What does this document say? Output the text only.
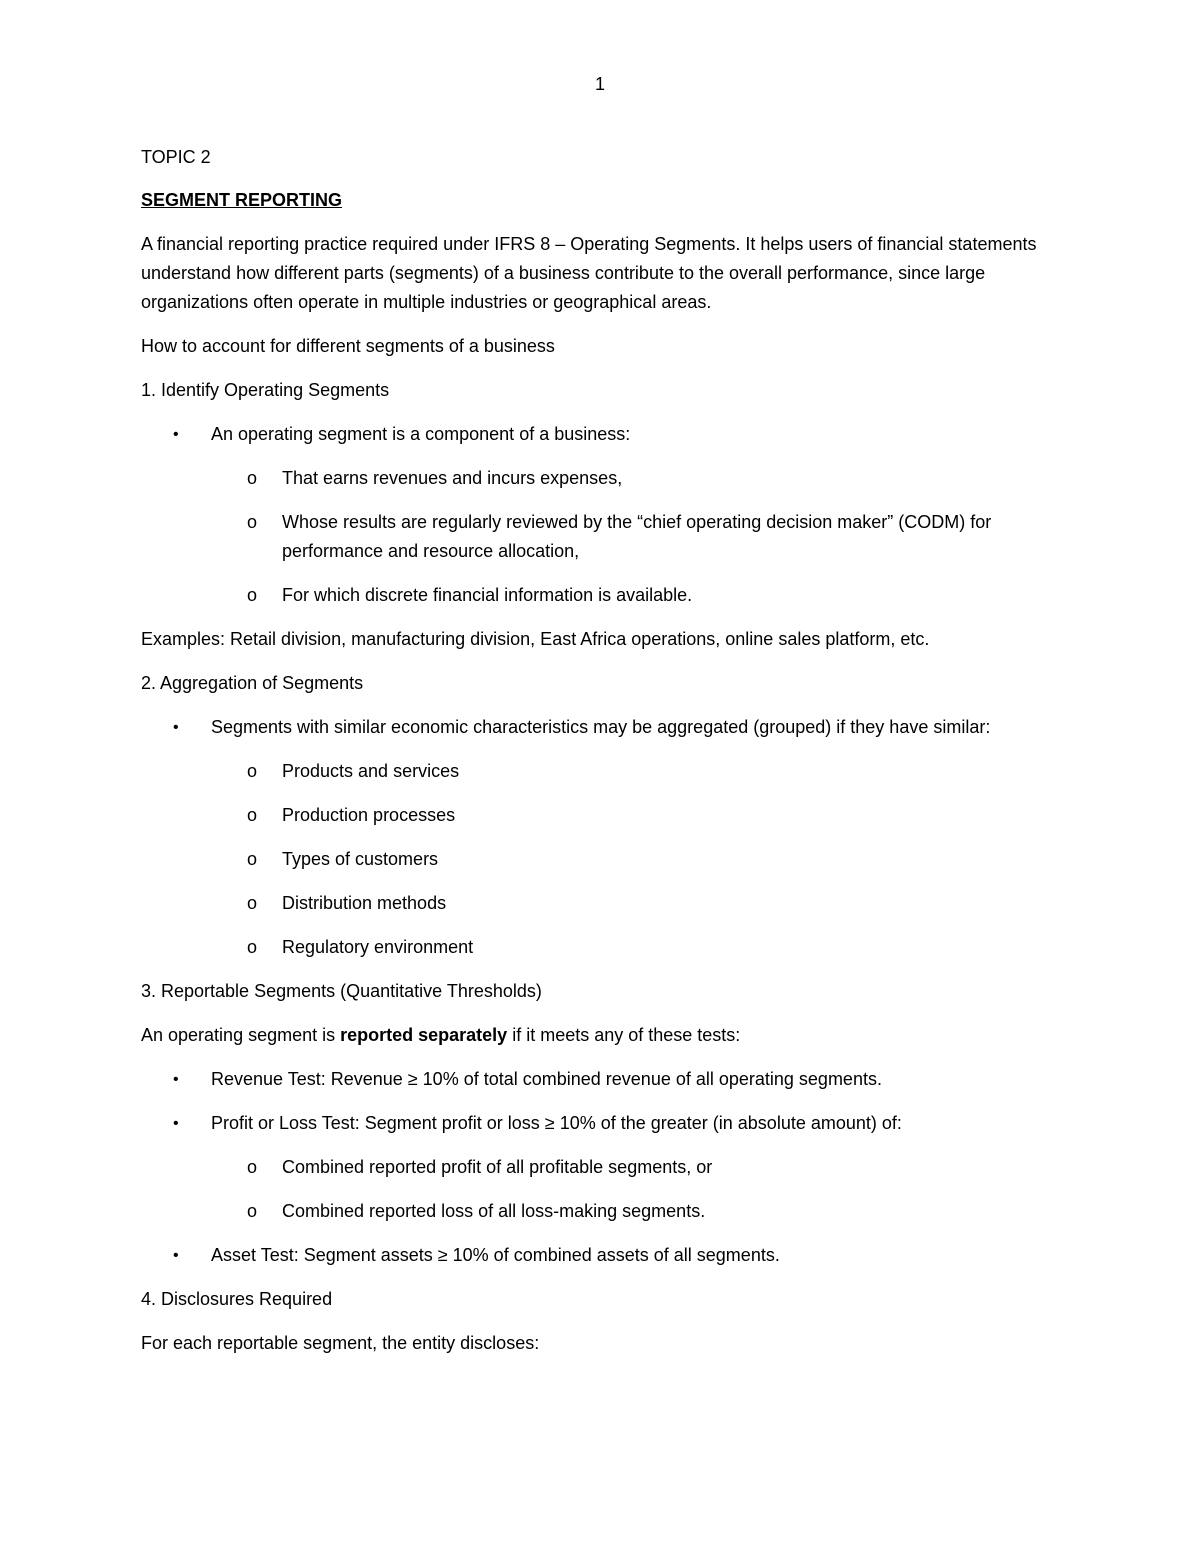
1

TOPIC 2

SEGMENT REPORTING

A financial reporting practice required under IFRS 8 – Operating Segments. It helps users of financial statements understand how different parts (segments) of a business contribute to the overall performance, since large organizations often operate in multiple industries or geographical areas.

How to account for different segments of a business

1. Identify Operating Segments

• An operating segment is a component of a business:

o That earns revenues and incurs expenses,

o Whose results are regularly reviewed by the “chief operating decision maker” (CODM) for performance and resource allocation,

o For which discrete financial information is available.

Examples: Retail division, manufacturing division, East Africa operations, online sales platform, etc.

2. Aggregation of Segments

• Segments with similar economic characteristics may be aggregated (grouped) if they have similar:

o Products and services

o Production processes

o Types of customers

o Distribution methods

o Regulatory environment

3. Reportable Segments (Quantitative Thresholds)

An operating segment is reported separately if it meets any of these tests:

• Revenue Test: Revenue ≥ 10% of total combined revenue of all operating segments.

• Profit or Loss Test: Segment profit or loss ≥ 10% of the greater (in absolute amount) of:

o Combined reported profit of all profitable segments, or

o Combined reported loss of all loss-making segments.

• Asset Test: Segment assets ≥ 10% of combined assets of all segments.

4. Disclosures Required

For each reportable segment, the entity discloses:
